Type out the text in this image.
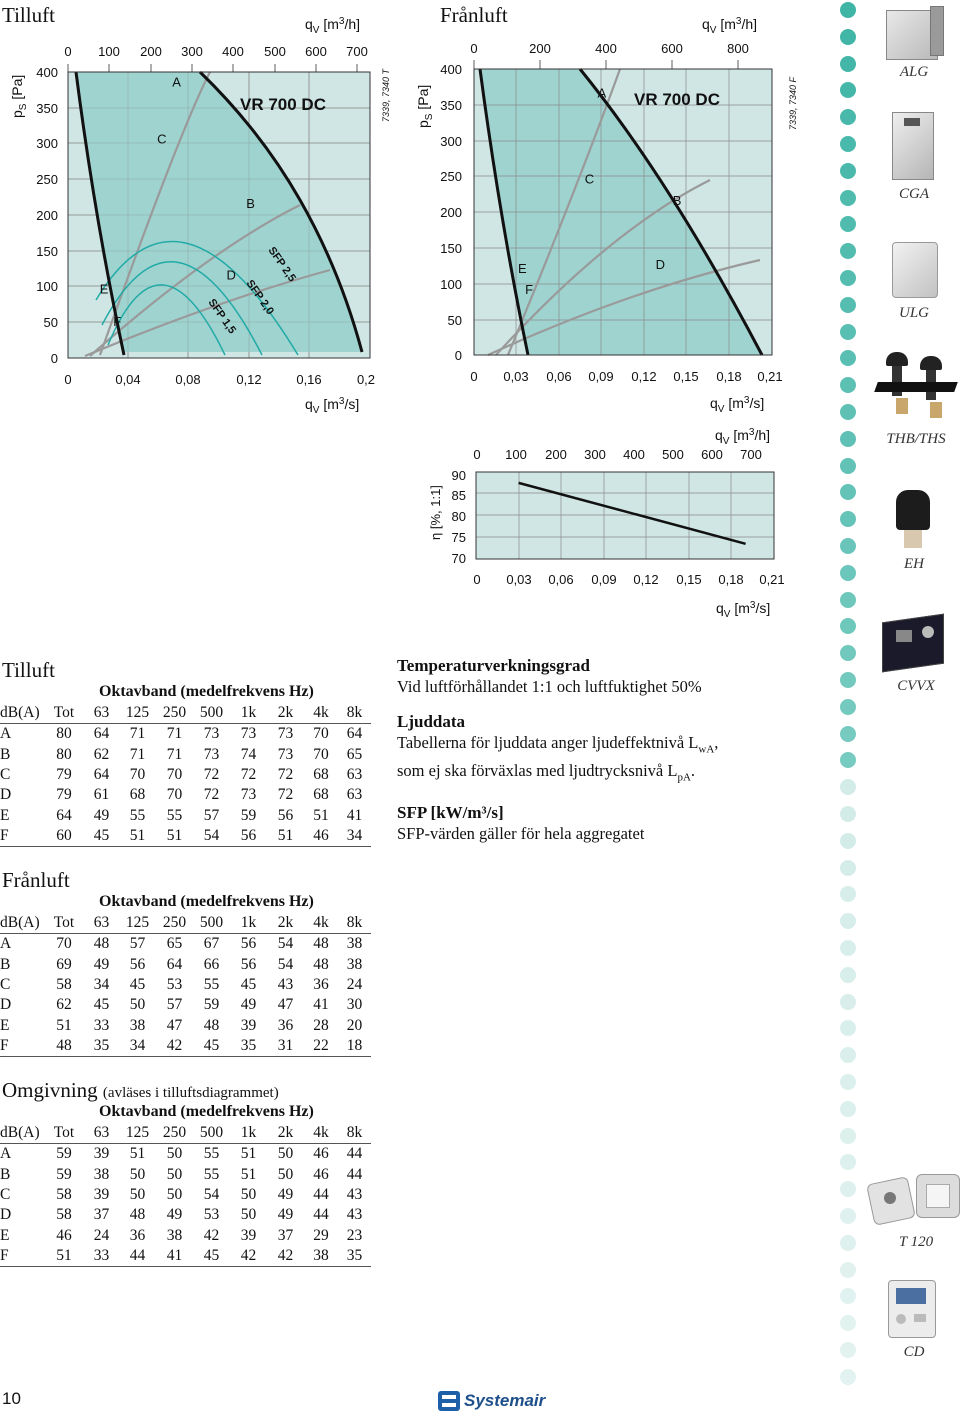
Tilluft
0 100 200 300 400 500 600 700
$q_V$ $[m^3/h]$
400
350
300
250
200
150
100
50
0
$p_S$ [Pa]
0	0,04	0,08	0,12	0,16	0,2
$q_V$ $[m^3/s]$
VR 700 DC	7339, 7340 T
SFP 2,5
SFP 2,0
SFP 1,5
A
B
C
D
E
F
Frånluft
0	200	400	600	800
$q_V$ $[m^3/h]$
400
350
300
250
200
150
100
50
0
$p_S$ [Pa]
0 0,03 0,06 0,09 0,12 0,15 0,18 0,21
$q_V$ $[m^3/s]$
VR 700 DC	7339, 7340 F
A
B
C
D
E
F
0 100 200 300 400 500 600 700
$q_V$ $[m^3/h]$
90
85
80
75
70
η [%, 1:1]
0 0,03 0,06 0,09 0,12 0,15 0,18 0,21
$q_V$ $[m^3/s]$
Tilluft
Oktavband (medelfrekvens Hz)
dB(A)	Tot	63	125	250	500	1k	2k	4k	8k
A	80	64	71	71	73	73	73	70	64
B	80	62	71	71	73	74	73	70	65
C	79	64	70	70	72	72	72	68	63
D	79	61	68	70	72	73	72	68	63
E	64	49	55	55	57	59	56	51	41
F	60	45	51	51	54	56	51	46	34
Frånluft
Oktavband (medelfrekvens Hz)
dB(A)	Tot	63	125	250	500	1k	2k	4k	8k
A	70	48	57	65	67	56	54	48	38
B	69	49	56	64	66	56	54	48	38
C	58	34	45	53	55	45	43	36	24
D	62	45	50	57	59	49	47	41	30
E	51	33	38	47	48	39	36	28	20
F	48	35	34	42	45	35	31	22	18
Omgivning (avläses i tilluftsdiagrammet)
Oktavband (medelfrekvens Hz)
dB(A)	Tot	63	125	250	500	1k	2k	4k	8k
A	59	39	51	50	55	51	50	46	44
B	59	38	50	50	55	51	50	46	44
C	58	39	50	50	54	50	49	44	43
D	58	37	48	49	53	50	49	44	43
E	46	24	36	38	42	39	37	29	23
F	51	33	44	41	45	42	42	38	35
Temperaturverkningsgrad

Vid luftförhållandet 1:1 och luftfuktighet 50%

Ljuddata

Tabellerna för ljuddata anger ljudeffektnivå $L_{wA}$,
som ej ska förväxlas med ljudtrycksnivå $L_{pA}$.

SFP [kW/m³/s]

SFP-värden gäller för hela aggregatet

ALG
CGA
ULG
THB/THS
EH
CVVX
T 120
CD
10	Systemair
